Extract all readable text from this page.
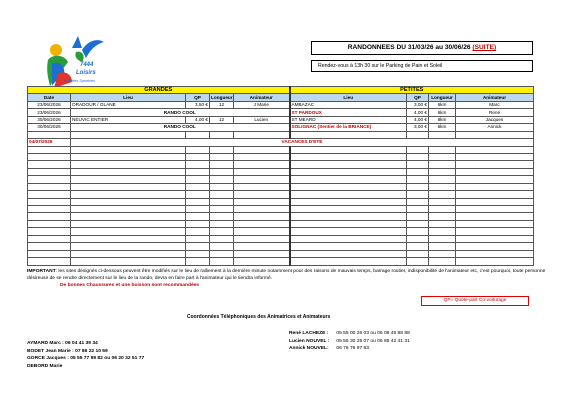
7444
Loisirs
Activités Sportives
RANDONNEES DU 31/03/26 au 30/06/26 (SUITE)
Rendez-vous à 13h 30 sur le Parking de Pain et Soleil
GRANDES					PETITES			
Date	Lieu	QP	Longueur	Animateur	Lieu	QP	Longueur	Animateur
23/06/2026	ORADOUR / GLANE	3,50 €	12	J Marie	AMBAZAC	3,00 €	6km	Marc
23/06/2026	RANDO COOL				ST PARDOUX	4,00 €	6km	René
30/06/2026	NEUVIC ENTIER	4,00 €	12	Lucien	ST MEARD	4,00 €	8km	Jacques
30/06/2026	RANDO COOL				SOLIGNAC (Sentier de la BRIANCE)	3,00 €	6km	Annick

04/07/2026	VACANCES D'ETE							

IMPORTANT: les sites désignés ci-dessous peuvent être modifiés sur le lieu de ralliement à la dernière minute notamment pour des raisons de mauvais temps, barrage routier, indisponibilité de l'animateur etc, c'est pourquoi, toute personne désireuse de se rendre directement sur le lieu de la rando, devra en faire part à l'animateur qui le tiendra informé.
De bonnes Chaussures et une boisson sont recommandées
QP= Quote-part Co-voiturage
Coordonnées Téléphoniques des Animatrices et Animateurs
René LACHEZE : 05 55 00 26 03 ou 06 08 45 88 88
Lucien NOUVEL : 05 55 30 25 07 ou 06 85 42 41 31
Annick NOUVEL: 06 76 76 97 63
AYMARD Marc : 06 04 41 39 34
BODET Jean Marie : 07 86 22 10 59
GORCE Jacques : 05 55 77 99 82 ou 06 20 32 51 77
DEBORD Marie
